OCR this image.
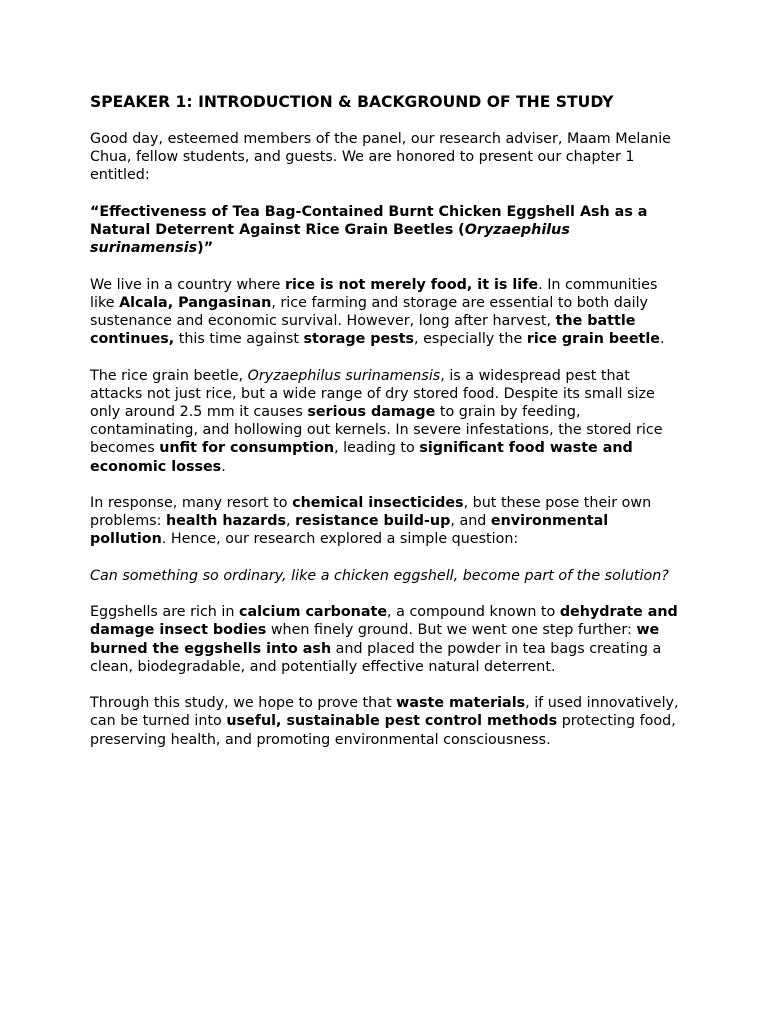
SPEAKER 1: INTRODUCTION & BACKGROUND OF THE STUDY

Good day, esteemed members of the panel, our research adviser, Maam Melanie Chua, fellow students, and guests. We are honored to present our chapter 1 entitled:

“Effectiveness of Tea Bag-Contained Burnt Chicken Eggshell Ash as a Natural Deterrent Against Rice Grain Beetles (Oryzaephilus surinamensis)”

We live in a country where rice is not merely food, it is life. In communities like Alcala, Pangasinan, rice farming and storage are essential to both daily sustenance and economic survival. However, long after harvest, the battle continues, this time against storage pests, especially the rice grain beetle.

The rice grain beetle, Oryzaephilus surinamensis, is a widespread pest that attacks not just rice, but a wide range of dry stored food. Despite its small size only around 2.5 mm it causes serious damage to grain by feeding, contaminating, and hollowing out kernels. In severe infestations, the stored rice becomes unfit for consumption, leading to significant food waste and economic losses.

In response, many resort to chemical insecticides, but these pose their own problems: health hazards, resistance build-up, and environmental pollution. Hence, our research explored a simple question:

Can something so ordinary, like a chicken eggshell, become part of the solution?

Eggshells are rich in calcium carbonate, a compound known to dehydrate and damage insect bodies when finely ground. But we went one step further: we burned the eggshells into ash and placed the powder in tea bags creating a clean, biodegradable, and potentially effective natural deterrent.

Through this study, we hope to prove that waste materials, if used innovatively, can be turned into useful, sustainable pest control methods protecting food, preserving health, and promoting environmental consciousness.
